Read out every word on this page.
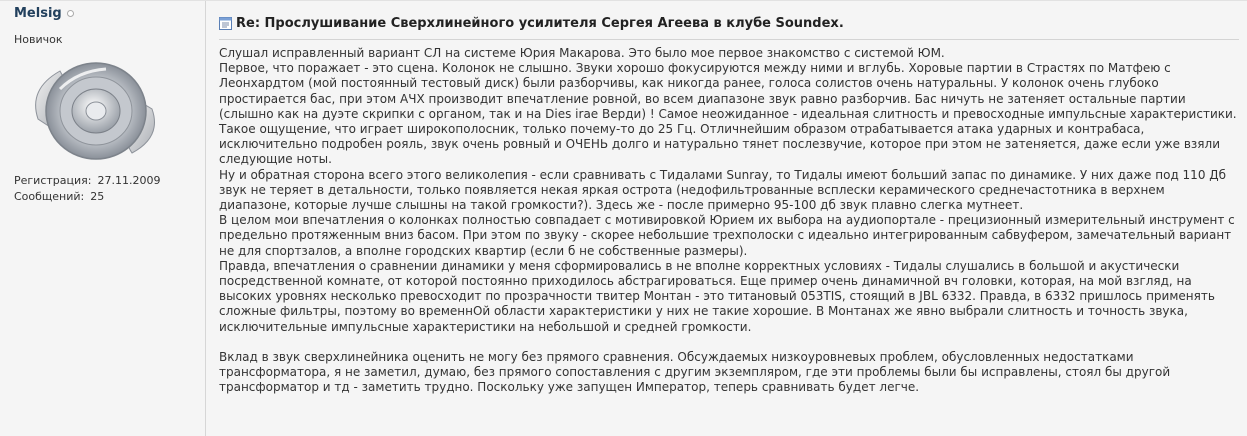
Melsig
Новичок
Регистрация: 27.11.2009
Сообщений: 25
Re: Прослушивание Сверхлинейного усилителя Сергея Агеева в клубе Soundex.

Слушал исправленный вариант СЛ на системе Юрия Макарова. Это было мое первое знакомство с системой ЮМ.

Первое, что поражает - это сцена. Колонок не слышно. Звуки хорошо фокусируются между ними и вглубь. Хоровые партии в Страстях по Матфею с Леонхардтом (мой постоянный тестовый диск) были разборчивы, как никогда ранее, голоса солистов очень натуральны. У колонок очень глубоко простирается бас, при этом АЧХ производит впечатление ровной, во всем диапазоне звук равно разборчив. Бас ничуть не затеняет остальные партии (слышно как на дуэте скрипки с органом, так и на Dies irae Верди) ! Самое неожиданное - идеальная слитность и превосходные импульсные характеристики. Такое ощущение, что играет широкополосник, только почему-то до 25 Гц. Отличнейшим образом отрабатывается атака ударных и контрабаса, исключительно подробен рояль, звук очень ровный и ОЧЕНЬ долго и натурально тянет послезвучие, которое при этом не затеняется, даже если уже взяли следующие ноты.

Ну и обратная сторона всего этого великолепия - если сравнивать с Тидалами Sunray, то Тидалы имеют больший запас по динамике. У них даже под 110 Дб звук не теряет в детальности, только появляется некая яркая острота (недофильтрованные всплески керамического среднечастотника в верхнем диапазоне, которые лучше слышны на такой громкости?). Здесь же - после примерно 95-100 дб звук плавно слегка мутнеет.

В целом мои впечатления о колонках полностью совпадает с мотивировкой Юрием их выбора на аудиопортале - прецизионный измерительный инструмент с предельно протяженным вниз басом. При этом по звуку - скорее небольшие трехполоски с идеально интегрированным сабвуфером, замечательный вариант не для спортзалов, а вполне городских квартир (если б не собственные размеры).

Правда, впечатления о сравнении динамики у меня сформировались в не вполне корректных условиях - Тидалы слушались в большой и акустически посредственной комнате, от которой постоянно приходилось абстрагироваться. Еще пример очень динамичной вч головки, которая, на мой взгляд, на высоких уровнях несколько превосходит по прозрачности твитер Монтан - это титановый 053TIS, стоящий в JBL 6332. Правда, в 6332 пришлось применять сложные фильтры, поэтому во временнОй области характеристики у них не такие хорошие. В Монтанах же явно выбрали слитность и точность звука, исключительные импульсные характеристики на небольшой и средней громкости.

Вклад в звук сверхлинейника оценить не могу без прямого сравнения. Обсуждаемых низкоуровневых проблем, обусловленных недостатками трансформатора, я не заметил, думаю, без прямого сопоставления с другим экземпляром, где эти проблемы были бы исправлены, стоял бы другой трансформатор и тд - заметить трудно. Поскольку уже запущен Император, теперь сравнивать будет легче.
